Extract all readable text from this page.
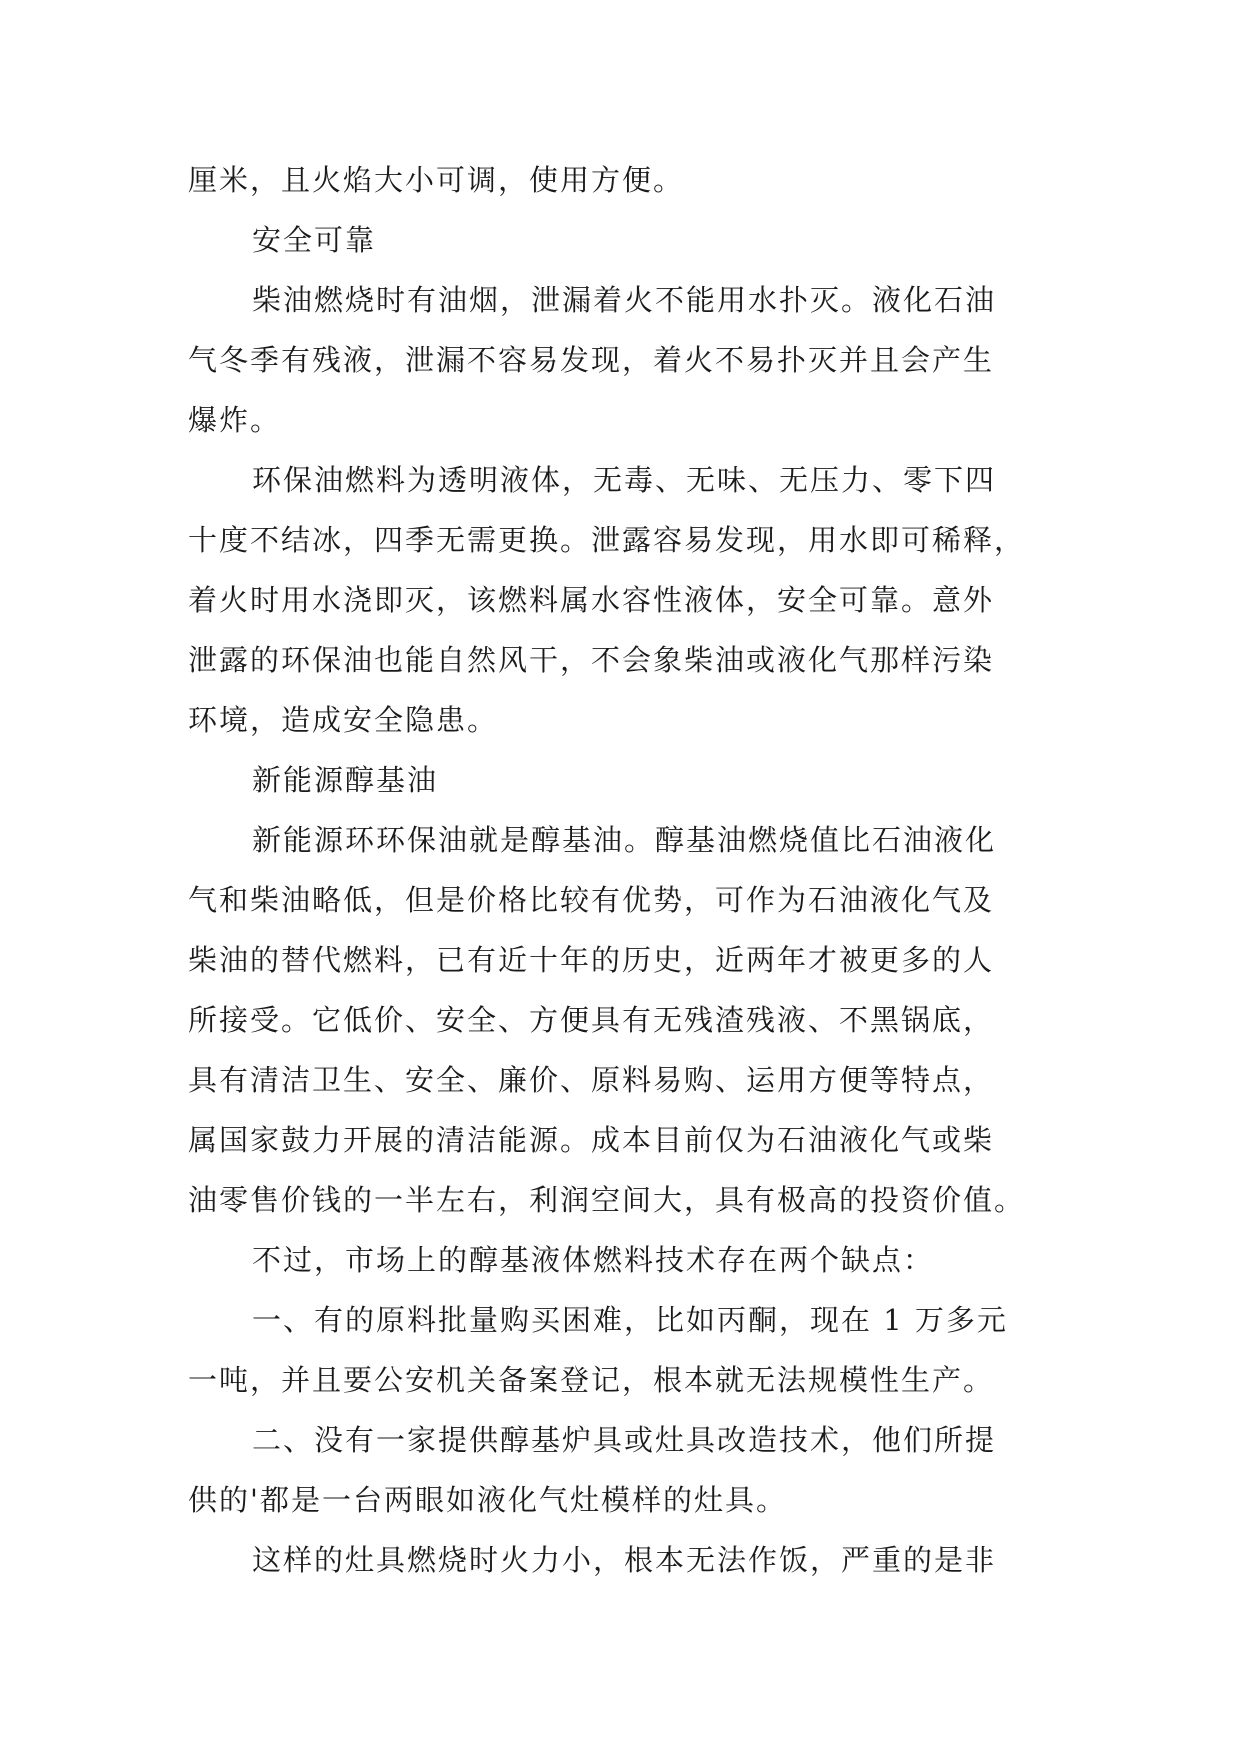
厘米，且火焰大小可调，使用方便。
安全可靠
柴油燃烧时有油烟，泄漏着火不能用水扑灭。液化石油
气冬季有残液，泄漏不容易发现，着火不易扑灭并且会产生
爆炸。
环保油燃料为透明液体，无毒、无味、无压力、零下四
十度不结冰，四季无需更换。泄露容易发现，用水即可稀释，
着火时用水浇即灭，该燃料属水容性液体，安全可靠。意外
泄露的环保油也能自然风干，不会象柴油或液化气那样污染
环境，造成安全隐患。
新能源醇基油
新能源环环保油就是醇基油。醇基油燃烧值比石油液化
气和柴油略低，但是价格比较有优势，可作为石油液化气及
柴油的替代燃料，已有近十年的历史，近两年才被更多的人
所接受。它低价、安全、方便具有无残渣残液、不黑锅底，
具有清洁卫生、安全、廉价、原料易购、运用方便等特点，
属国家鼓力开展的清洁能源。成本目前仅为石油液化气或柴
油零售价钱的一半左右，利润空间大，具有极高的投资价值。
不过，市场上的醇基液体燃料技术存在两个缺点：
一、有的原料批量购买困难，比如丙酮，现在 1 万多元
一吨，并且要公安机关备案登记，根本就无法规模性生产。
二、没有一家提供醇基炉具或灶具改造技术，他们所提
供的'都是一台两眼如液化气灶模样的灶具。
这样的灶具燃烧时火力小，根本无法作饭，严重的是非
